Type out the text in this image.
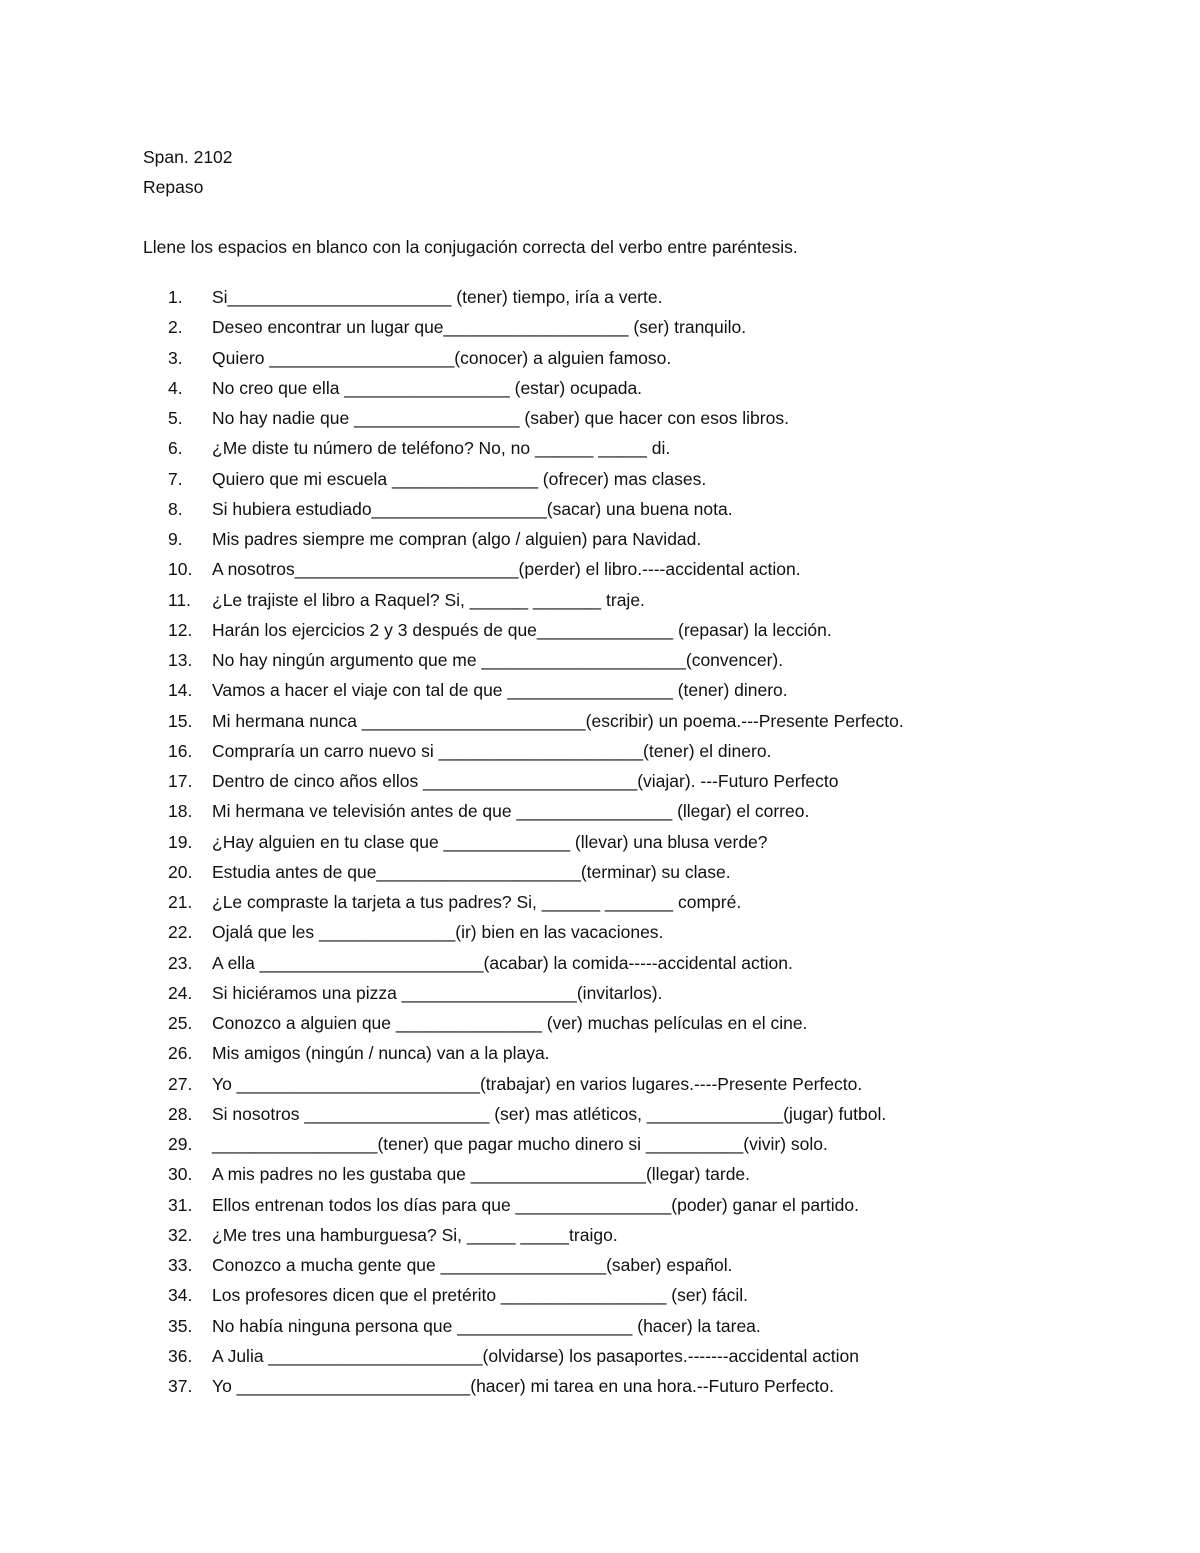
Span. 2102
Repaso
Llene los espacios en blanco con la conjugación correcta del verbo entre paréntesis.
1.	Si_______________________ (tener) tiempo, iría a verte.
2.	Deseo encontrar un lugar que___________________ (ser) tranquilo.
3.	Quiero ___________________(conocer) a alguien famoso.
4.	No creo que ella _________________ (estar) ocupada.
5.	No hay nadie que _________________ (saber) que hacer con esos libros.
6.	¿Me diste tu número de teléfono? No, no ______ _____ di.
7.	Quiero que mi escuela _______________ (ofrecer) mas clases.
8.	Si hubiera estudiado__________________(sacar) una buena nota.
9.	Mis padres siempre me compran (algo / alguien) para Navidad.
10.	A nosotros_______________________(perder) el libro.----accidental action.
11.	¿Le trajiste el libro a Raquel? Si, ______ _______ traje.
12.	Harán los ejercicios 2 y 3 después de que______________ (repasar) la lección.
13.	No hay ningún argumento que me _____________________(convencer).
14.	Vamos a hacer el viaje con tal de que _________________ (tener) dinero.
15.	Mi hermana nunca _______________________(escribir) un poema.---Presente Perfecto.
16.	Compraría un carro nuevo si _____________________(tener) el dinero.
17.	Dentro de cinco años ellos ______________________(viajar). ---Futuro Perfecto
18.	Mi hermana ve televisión antes de que ________________ (llegar) el correo.
19.	¿Hay alguien en tu clase que _____________ (llevar) una blusa verde?
20.	Estudia antes de que_____________________(terminar) su clase.
21.	¿Le compraste la tarjeta a tus padres? Si, ______ _______ compré.
22.	Ojalá que les ______________(ir) bien en las vacaciones.
23.	A ella _______________________(acabar) la comida-----accidental action.
24.	Si hiciéramos una pizza __________________(invitarlos).
25.	Conozco a alguien que _______________ (ver) muchas películas en el cine.
26.	Mis amigos (ningún / nunca) van a la playa.
27.	Yo _________________________(trabajar) en varios lugares.----Presente Perfecto.
28.	Si nosotros ___________________ (ser) mas atléticos, ______________(jugar) futbol.
29.	_________________(tener) que pagar mucho dinero si __________(vivir) solo.
30.	A mis padres no les gustaba que __________________(llegar) tarde.
31.	Ellos entrenan todos los días para que ________________(poder) ganar el partido.
32.	¿Me tres una hamburguesa? Si, _____ _____traigo.
33.	Conozco a mucha gente que _________________(saber) español.
34.	Los profesores dicen que el pretérito _________________ (ser) fácil.
35.	No había ninguna persona que __________________ (hacer) la tarea.
36.	A Julia ______________________(olvidarse) los pasaportes.-------accidental action
37.	Yo ________________________(hacer) mi tarea en una hora.--Futuro Perfecto.
